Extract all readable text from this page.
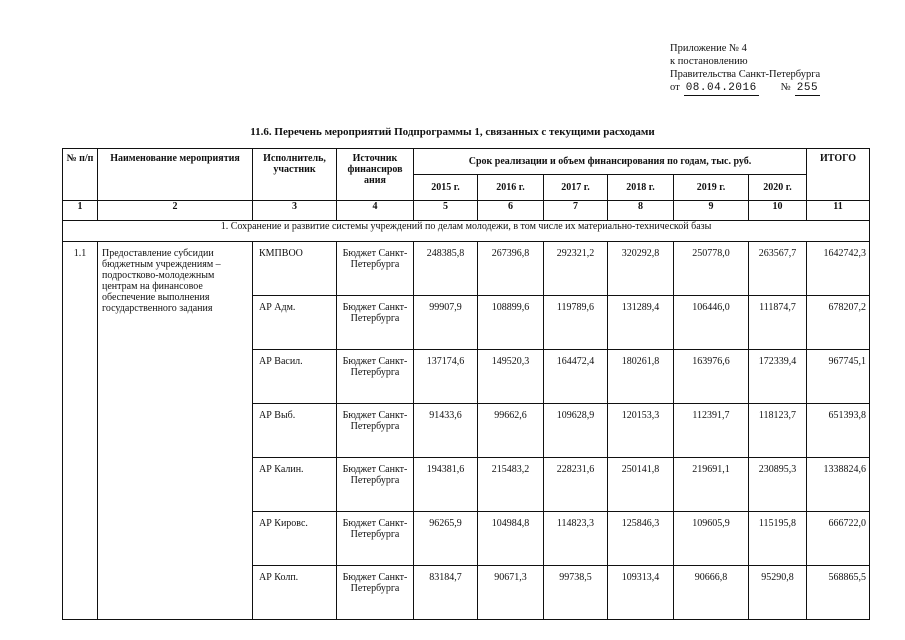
Приложение № 4
к постановлению
Правительства Санкт-Петербурга
от 08.04.2016 № 255
11.6. Перечень мероприятий Подпрограммы 1, связанных с текущими расходами
№ п/п	Наименование мероприятия	Исполнитель, участник	Источник финансиров ания	Срок реализации и объем финансирования по годам, тыс. руб.						ИТОГО
				2015 г.	2016 г.	2017 г.	2018 г.	2019 г.	2020 г.	
1	2	3	4	5	6	7	8	9	10	11
1. Сохранение и развитие системы учреждений по делам молодежи, в том числе их материально-технической базы										
1.1	Предоставление субсидии бюджетным учреждениям – подростково-молодежным центрам на финансовое обеспечение выполнения государственного задания	КМПВОО	Бюджет Санкт-Петербурга	248385,8	267396,8	292321,2	320292,8	250778,0	263567,7	1642742,3
		АР Адм.	Бюджет Санкт-Петербурга	99907,9	108899,6	119789,6	131289,4	106446,0	111874,7	678207,2
		АР Васил.	Бюджет Санкт-Петербурга	137174,6	149520,3	164472,4	180261,8	163976,6	172339,4	967745,1
		АР Выб.	Бюджет Санкт-Петербурга	91433,6	99662,6	109628,9	120153,3	112391,7	118123,7	651393,8
		АР Калин.	Бюджет Санкт-Петербурга	194381,6	215483,2	228231,6	250141,8	219691,1	230895,3	1338824,6
		АР Кировс.	Бюджет Санкт-Петербурга	96265,9	104984,8	114823,3	125846,3	109605,9	115195,8	666722,0
		АР Колп.	Бюджет Санкт-Петербурга	83184,7	90671,3	99738,5	109313,4	90666,8	95290,8	568865,5
